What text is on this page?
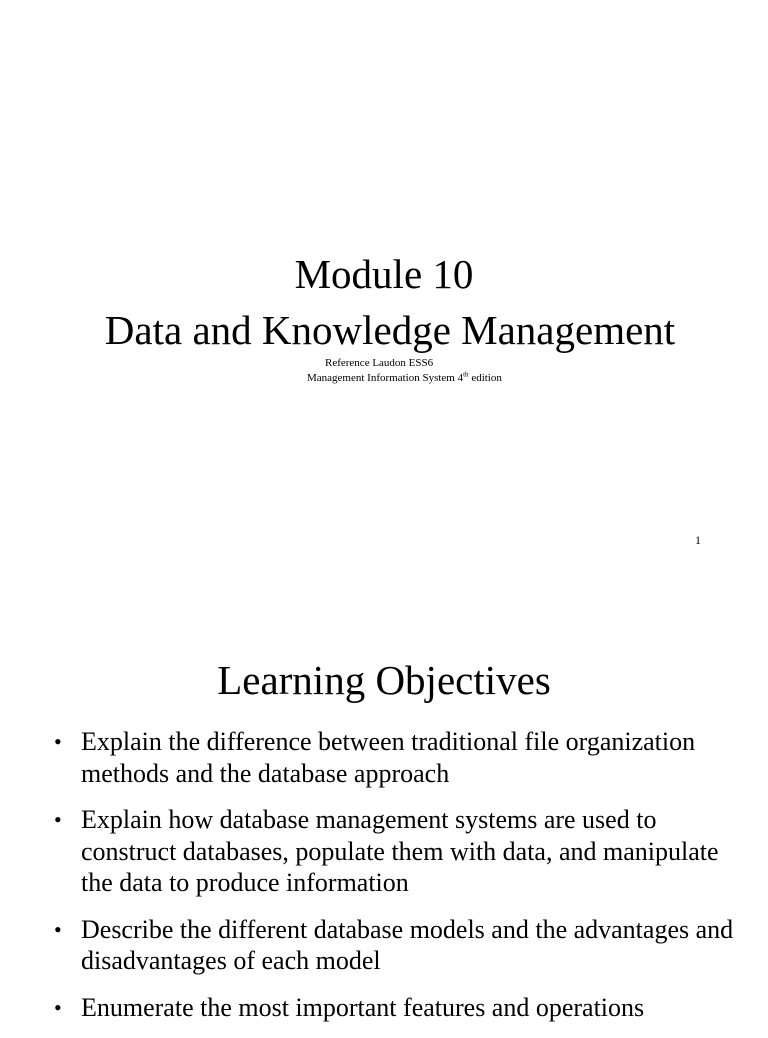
Module 10
Data and Knowledge Management
Reference Laudon ESS6
Management Information System 4th edition
1
Learning Objectives
• Explain the difference between traditional file organization methods and the database approach
• Explain how database management systems are used to construct databases, populate them with data, and manipulate the data to produce information
• Describe the different database models and the advantages and disadvantages of each model
• Enumerate the most important features and operations
